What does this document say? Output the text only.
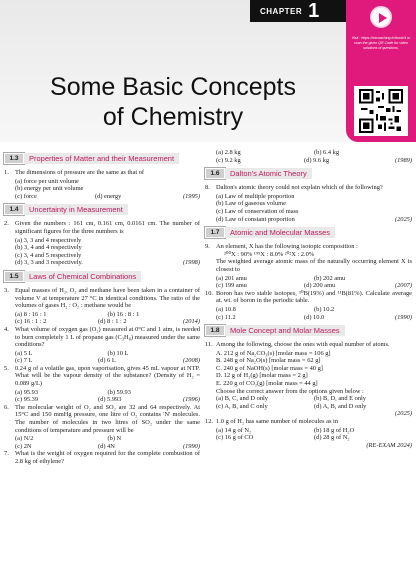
CHAPTER 1
Some Basic Concepts
of Chemistry
Visit : https://mtcoaching.in/book/4 or scan the given QR Code for video solutions of questions.
1.3	Properties of Matter and their Measurement
1. The dimensions of pressure are the same as that of
(a) force per unit volume
(b) energy per unit volume
(c) force	(d) energy	(1995)
1.4	Uncertainty in Measurement
2. Given the numbers : 161 cm, 0.161 cm, 0.0161 cm. The number of significant figures for the three numbers is
(a) 3, 3 and 4 respectively
(b) 3, 4 and 4 respectively
(c) 3, 4 and 5 respectively
(d) 3, 3 and 3 respectively.	(1998)
1.5	Laws of Chemical Combinations
3. Equal masses of H₂, O₂ and methane have been taken in a container of volume V at temperature 27 °C in identical conditions. The ratio of the volumes of gases H₂ : O₂ : methane would be
(a) 8 : 16 : 1	(b) 16 : 8 : 1
(c) 16 : 1 : 2	(d) 8 : 1 : 2	(2014)
4. What volume of oxygen gas (O₂) measured at 0°C and 1 atm, is needed to burn completely 1 L of propane gas (C₃H₈) measured under the same conditions?
(a) 5 L	(b) 10 L
(c) 7 L	(d) 6 L	(2008)
5. 0.24 g of a volatile gas, upon vaporisation, gives 45 mL vapour at NTP. What will be the vapour density of the substance? (Density of H₂ = 0.089 g/L)
(a) 95.93	(b) 59.93
(c) 95.39	(d) 5.993	(1996)
6. The molecular weight of O₂ and SO₂ are 32 and 64 respectively. At 15°C and 150 mmHg pressure, one litre of O₂ contains 'N' molecules. The number of molecules in two litres of SO₂ under the same conditions of temperature and pressure will be
(a) N/2	(b) N
(c) 2N	(d) 4N	(1990)
7. What is the weight of oxygen required for the complete combustion of 2.8 kg of ethylene?
(a) 2.8 kg	(b) 6.4 kg
(c) 9.2 kg	(d) 9.6 kg	(1989)
1.6	Dalton's Atomic Theory
8. Dalton's atomic theory could not explain which of the following?
(a) Law of multiple proportion
(b) Law of gaseous volume
(c) Law of conservation of mass
(d) Law of constant proportion	(2025)
1.7	Atomic and Molecular Masses
9. An element, X has the following isotopic composition :
²⁰⁰X : 90% ¹⁹⁹X : 8.0% ²⁰²X : 2.0%
The weighted average atomic mass of the naturally occurring element X is closest to
(a) 201 amu	(b) 202 amu
(c) 199 amu	(d) 200 amu	(2007)
10. Boron has two stable isotopes, ¹⁰B(19%) and ¹¹B(81%). Calculate average at. wt. of boron in the periodic table.
(a) 10.8	(b) 10.2
(c) 11.2	(d) 10.0	(1990)
1.8	Mole Concept and Molar Masses
11. Among the following, choose the ones with equal number of atoms.
A. 212 g of Na₂CO₃(s) [molar mass = 106 g]
B. 248 g of Na₂O(s) [molar mass = 62 g]
C. 240 g of NaOH(s) [molar mass = 40 g]
D. 12 g of H₂(g) [molar mass = 2 g]
E. 220 g of CO₂(g) [molar mass = 44 g]
Choose the correct answer from the options given below :
(a) B, C, and D only	(b) B, D, and E only
(c) A, B, and C only	(d) A, B, and D only
(2025)
12. 1.0 g of H₂ has same number of molecules as in
(a) 14 g of N₂	(b) 18 g of H₂O
(c) 16 g of CO	(d) 28 g of N₂
(RE-EXAM 2024)
